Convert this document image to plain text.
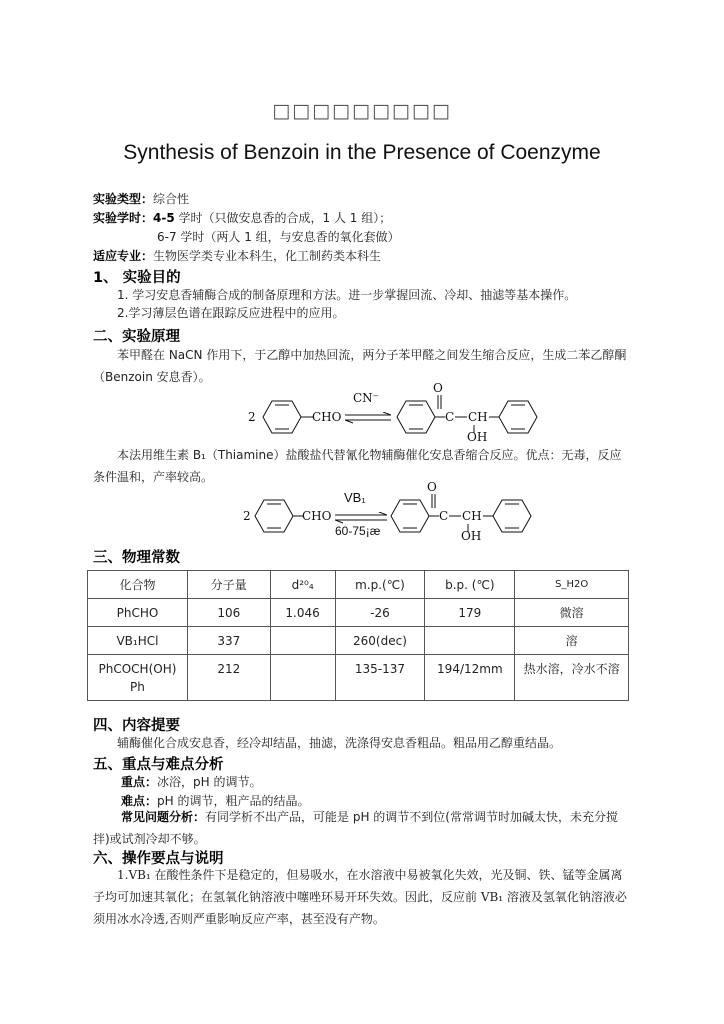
□□□□□□□□□
Synthesis of Benzoin in the Presence of Coenzyme
实验类型：综合性
实验学时：4-5 学时（只做安息香的合成，1 人 1 组）；
6-7 学时（两人 1 组，与安息香的氧化套做）
适应专业：生物医学类专业本科生，化工制药类本科生
1、 实验目的
1. 学习安息香辅酶合成的制备原理和方法。进一步掌握回流、冷却、抽滤等基本操作。
2.学习薄层色谱在跟踪反应进程中的应用。
二、实验原理
苯甲醛在 NaCN 作用下，于乙醇中加热回流，两分子苯甲醛之间发生缩合反应，生成二苯乙醇酮（Benzoin 安息香）。
2	CHO
CN⁻
O
C CH
OH
本法用维生素 B₁（Thiamine）盐酸盐代替氰化物辅酶催化安息香缩合反应。优点：无毒，反应条件温和，产率较高。
2	CHO
VB₁
60-75¡æ
O
C CH
OH
三、物理常数
化合物	分子量	d²⁰₄	m.p.(℃)	b.p. (℃)	S_H2O
PhCHO	106	1.046	-26	179	微溶
VB₁HCl	337		260(dec)		溶
PhCOCH(OH) Ph	212		135-137	194/12mm	热水溶，冷水不溶
四、内容提要
辅酶催化合成安息香，经冷却结晶，抽滤，洗涤得安息香粗品。粗品用乙醇重结晶。
五、重点与难点分析
重点：冰浴，pH 的调节。
难点：pH 的调节，粗产品的结晶。
常见问题分析：有同学析不出产品，可能是 pH 的调节不到位(常常调节时加碱太快，未充分搅拌)或试剂冷却不够。
六、操作要点与说明
1.VB₁ 在酸性条件下是稳定的，但易吸水，在水溶液中易被氧化失效，光及铜、铁、锰等金属离子均可加速其氧化；在氢氧化钠溶液中噻唑环易开环失效。因此，反应前 VB₁ 溶液及氢氧化钠溶液必须用冰水冷透,否则严重影响反应产率，甚至没有产物。
